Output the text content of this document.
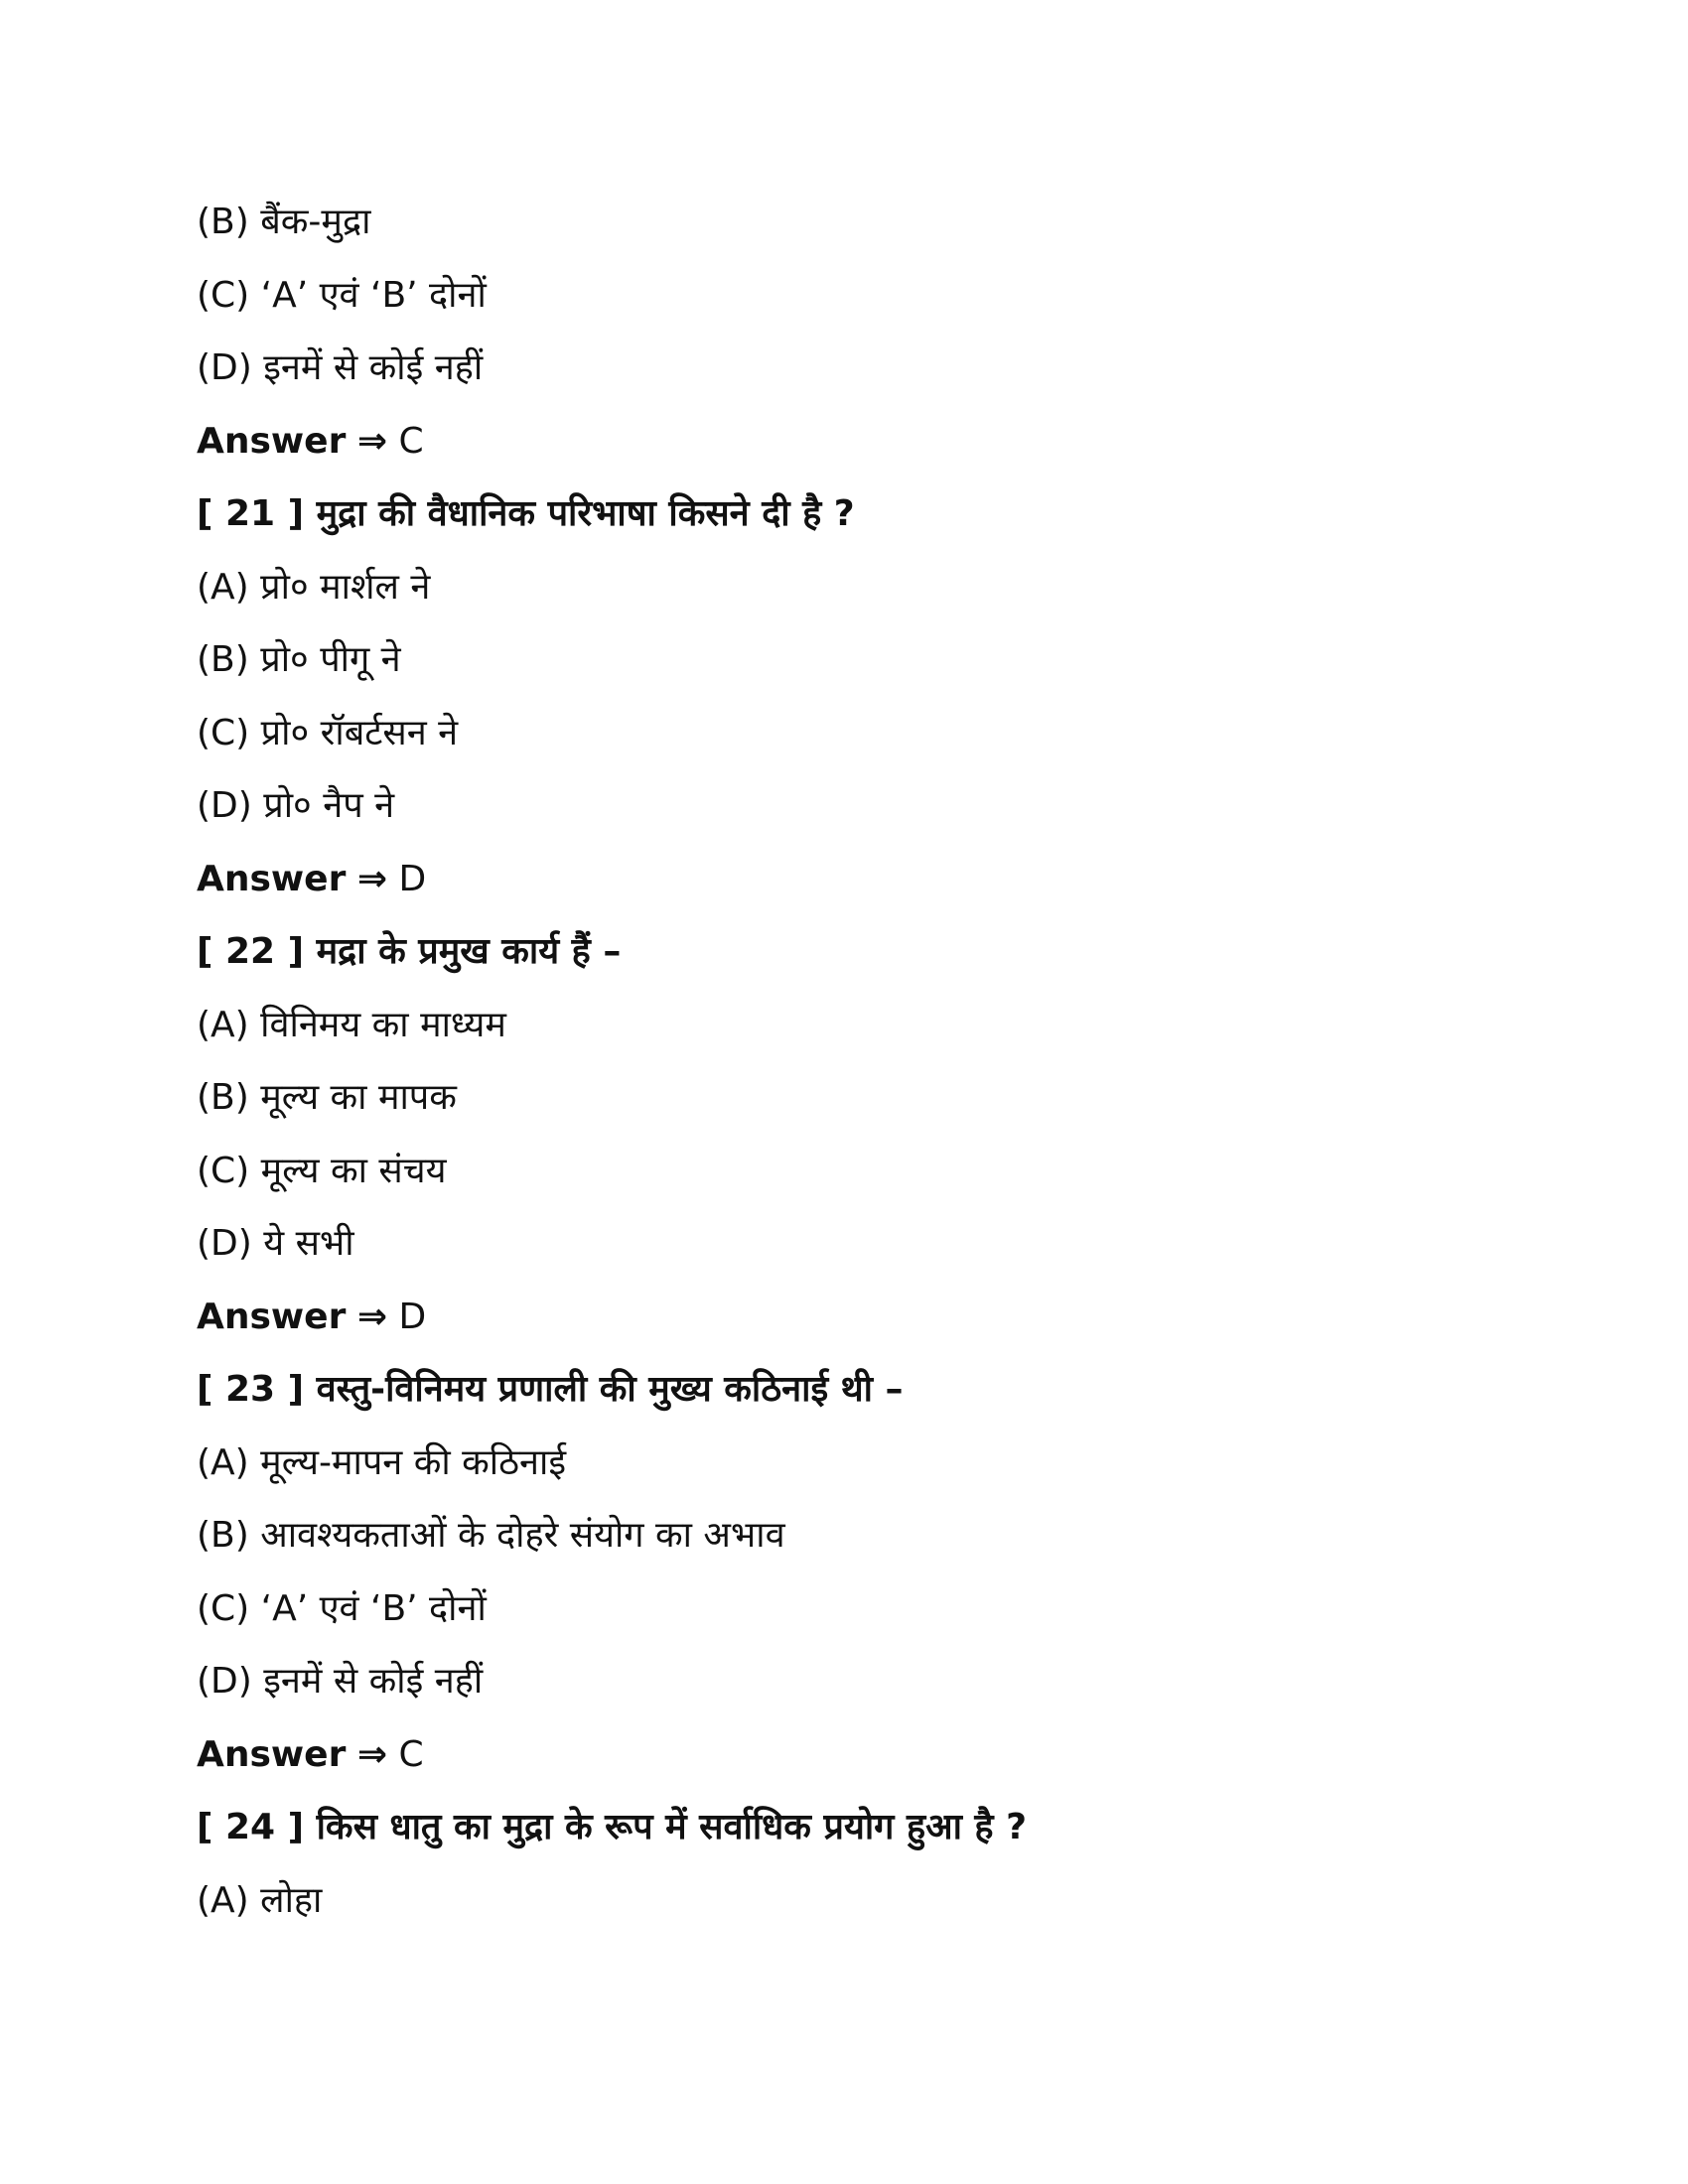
(B) बैंक-मुद्रा
(C) ‘A’ एवं ‘B’ दोनों
(D) इनमें से कोई नहीं
Answer ⇒ C
[ 21 ] मुद्रा की वैधानिक परिभाषा किसने दी है ?
(A) प्रो० मार्शल ने
(B) प्रो० पीगू ने
(C) प्रो० रॉबर्टसन ने
(D) प्रो० नैप ने
Answer ⇒ D
[ 22 ] मद्रा के प्रमुख कार्य हैं –
(A) विनिमय का माध्यम
(B) मूल्य का मापक
(C) मूल्य का संचय
(D) ये सभी
Answer ⇒ D
[ 23 ] वस्तु-विनिमय प्रणाली की मुख्य कठिनाई थी –
(A) मूल्य-मापन की कठिनाई
(B) आवश्यकताओं के दोहरे संयोग का अभाव
(C) ‘A’ एवं ‘B’ दोनों
(D) इनमें से कोई नहीं
Answer ⇒ C
[ 24 ] किस धातु का मुद्रा के रूप में सर्वाधिक प्रयोग हुआ है ?
(A) लोहा
